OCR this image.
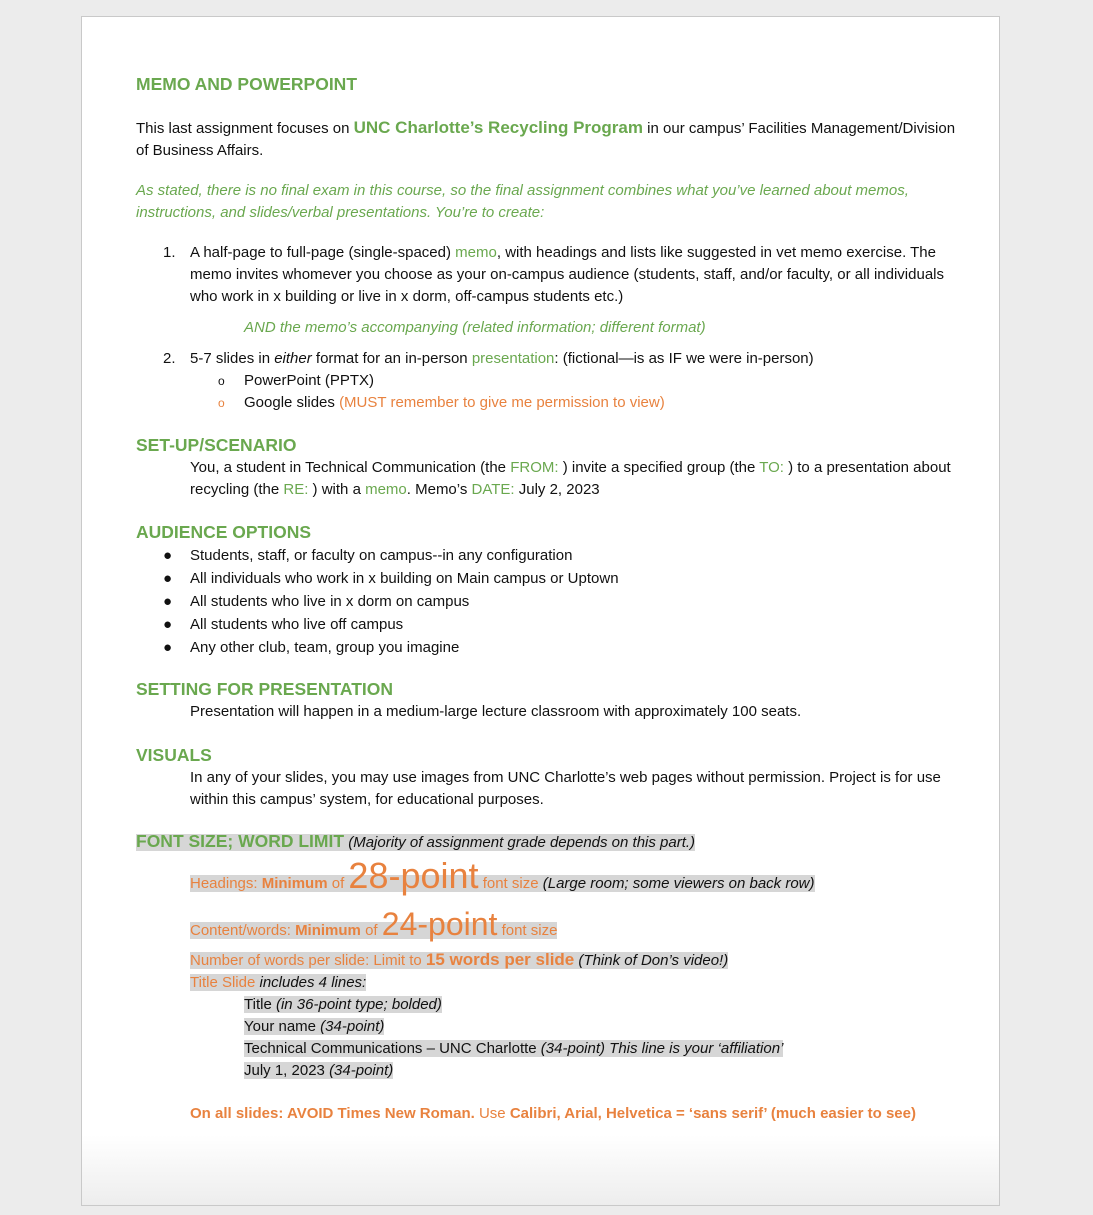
MEMO AND POWERPOINT

This last assignment focuses on UNC Charlotte’s Recycling Program in our campus’ Facilities Management/Division of Business Affairs.

As stated, there is no final exam in this course, so the final assignment combines what you’ve learned about memos, instructions, and slides/verbal presentations. You’re to create:

1. A half-page to full-page (single-spaced) memo, with headings and lists like suggested in vet memo exercise. The memo invites whomever you choose as your on-campus audience (students, staff, and/or faculty, or all individuals who work in x building or live in x dorm, off-campus students etc.)

AND the memo’s accompanying (related information; different format)

2. 5-7 slides in either format for an in-person presentation: (fictional—is as IF we were in-person)
o PowerPoint (PPTX)
o Google slides (MUST remember to give me permission to view)

SET-UP/SCENARIO

You, a student in Technical Communication (the FROM: ) invite a specified group (the TO: ) to a presentation about recycling (the RE: ) with a memo. Memo’s DATE: July 2, 2023

AUDIENCE OPTIONS

● Students, staff, or faculty on campus--in any configuration
● All individuals who work in x building on Main campus or Uptown
● All students who live in x dorm on campus
● All students who live off campus
● Any other club, team, group you imagine

SETTING FOR PRESENTATION

Presentation will happen in a medium-large lecture classroom with approximately 100 seats.

VISUALS

In any of your slides, you may use images from UNC Charlotte’s web pages without permission. Project is for use within this campus’ system, for educational purposes.

FONT SIZE; WORD LIMIT (Majority of assignment grade depends on this part.)

Headings: Minimum of 28-point font size (Large room; some viewers on back row)

Content/words: Minimum of 24-point font size

Number of words per slide: Limit to 15 words per slide (Think of Don’s video!)

Title Slide includes 4 lines:

Title (in 36-point type; bolded)

Your name (34-point)

Technical Communications – UNC Charlotte (34-point) This line is your ‘affiliation’

July 1, 2023 (34-point)

On all slides: AVOID Times New Roman. Use Calibri, Arial, Helvetica = ‘sans serif’ (much easier to see)
